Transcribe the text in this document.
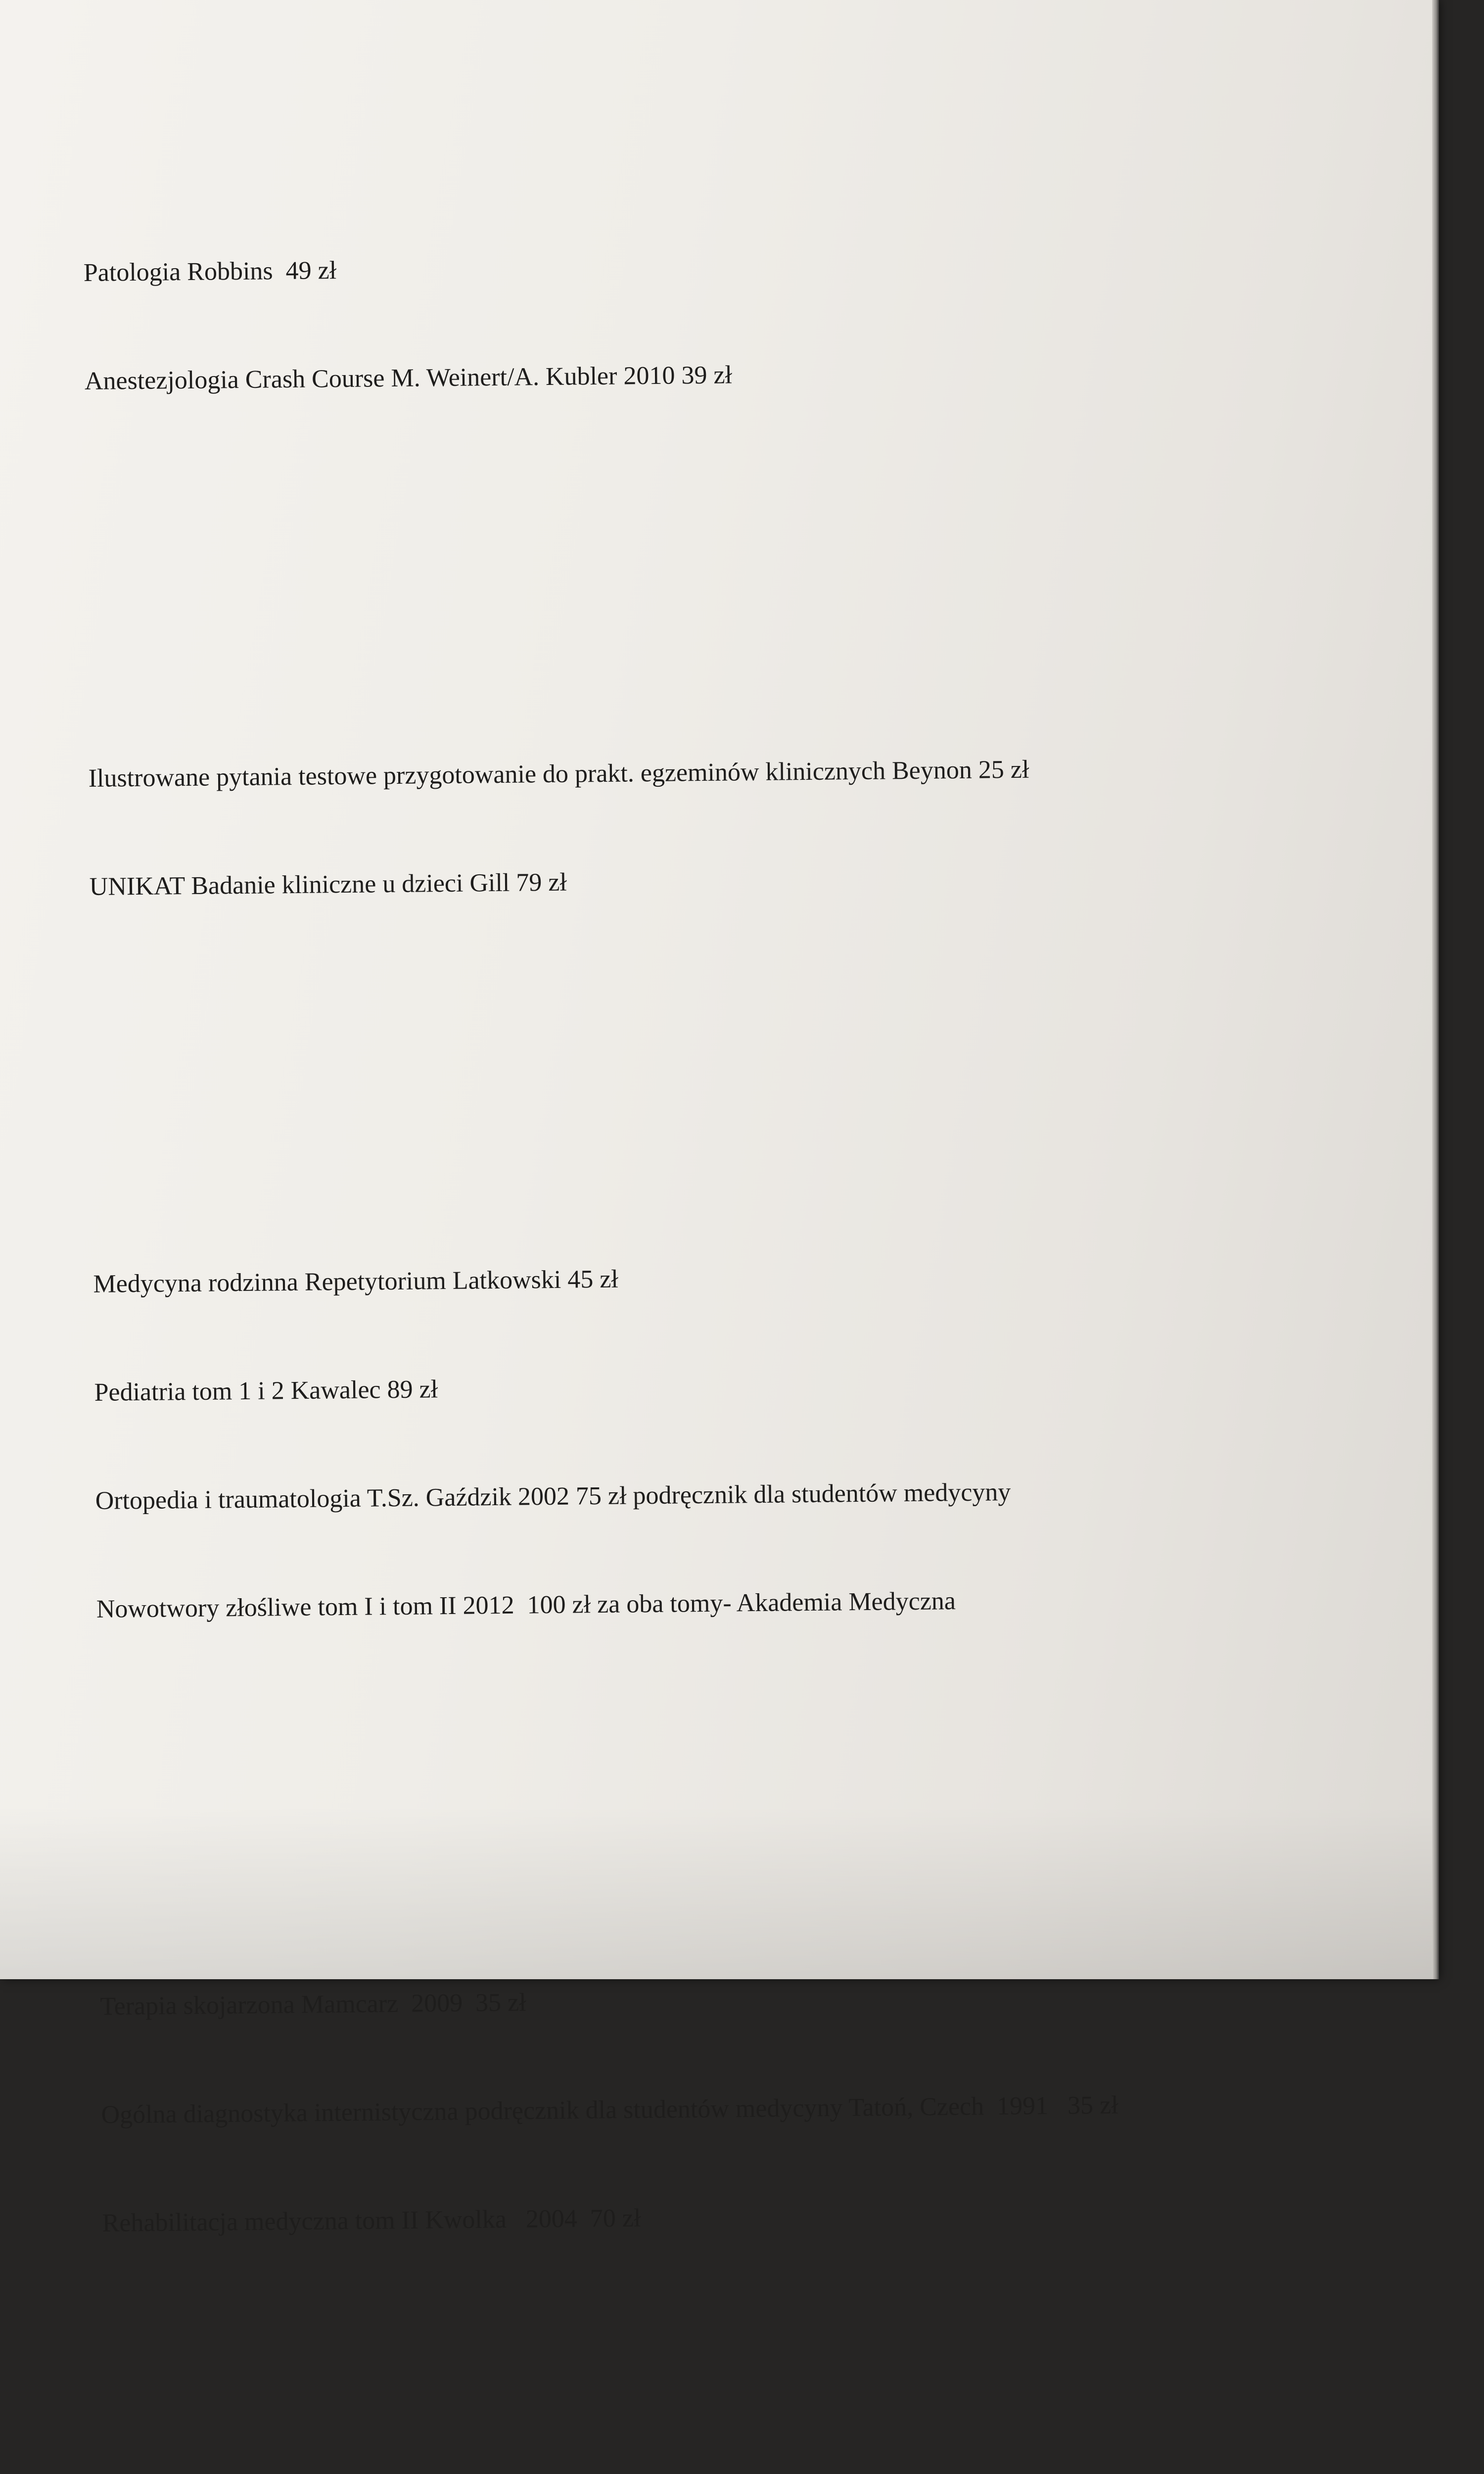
Patologia Robbins  49 zł

Anestezjologia Crash Course M. Weinert/A. Kubler 2010 39 zł

Ilustrowane pytania testowe przygotowanie do prakt. egzeminów klinicznych Beynon 25 zł

UNIKAT Badanie kliniczne u dzieci Gill 79 zł

Medycyna rodzinna Repetytorium Latkowski 45 zł

Pediatria tom 1 i 2 Kawalec 89 zł

Ortopedia i traumatologia T.Sz. Gaździk 2002 75 zł podręcznik dla studentów medycyny

Nowotwory złośliwe tom I i tom II 2012  100 zł za oba tomy- Akademia Medyczna

Terapia skojarzona Mamcarz  2009  35 zł

Ogólna diagnostyka internistyczna podręcznik dla studentów medycyny Tatoń, Czech  1991   35 zł

Rehabilitacja medyczna tom II Kwolka   2004  70 zł
